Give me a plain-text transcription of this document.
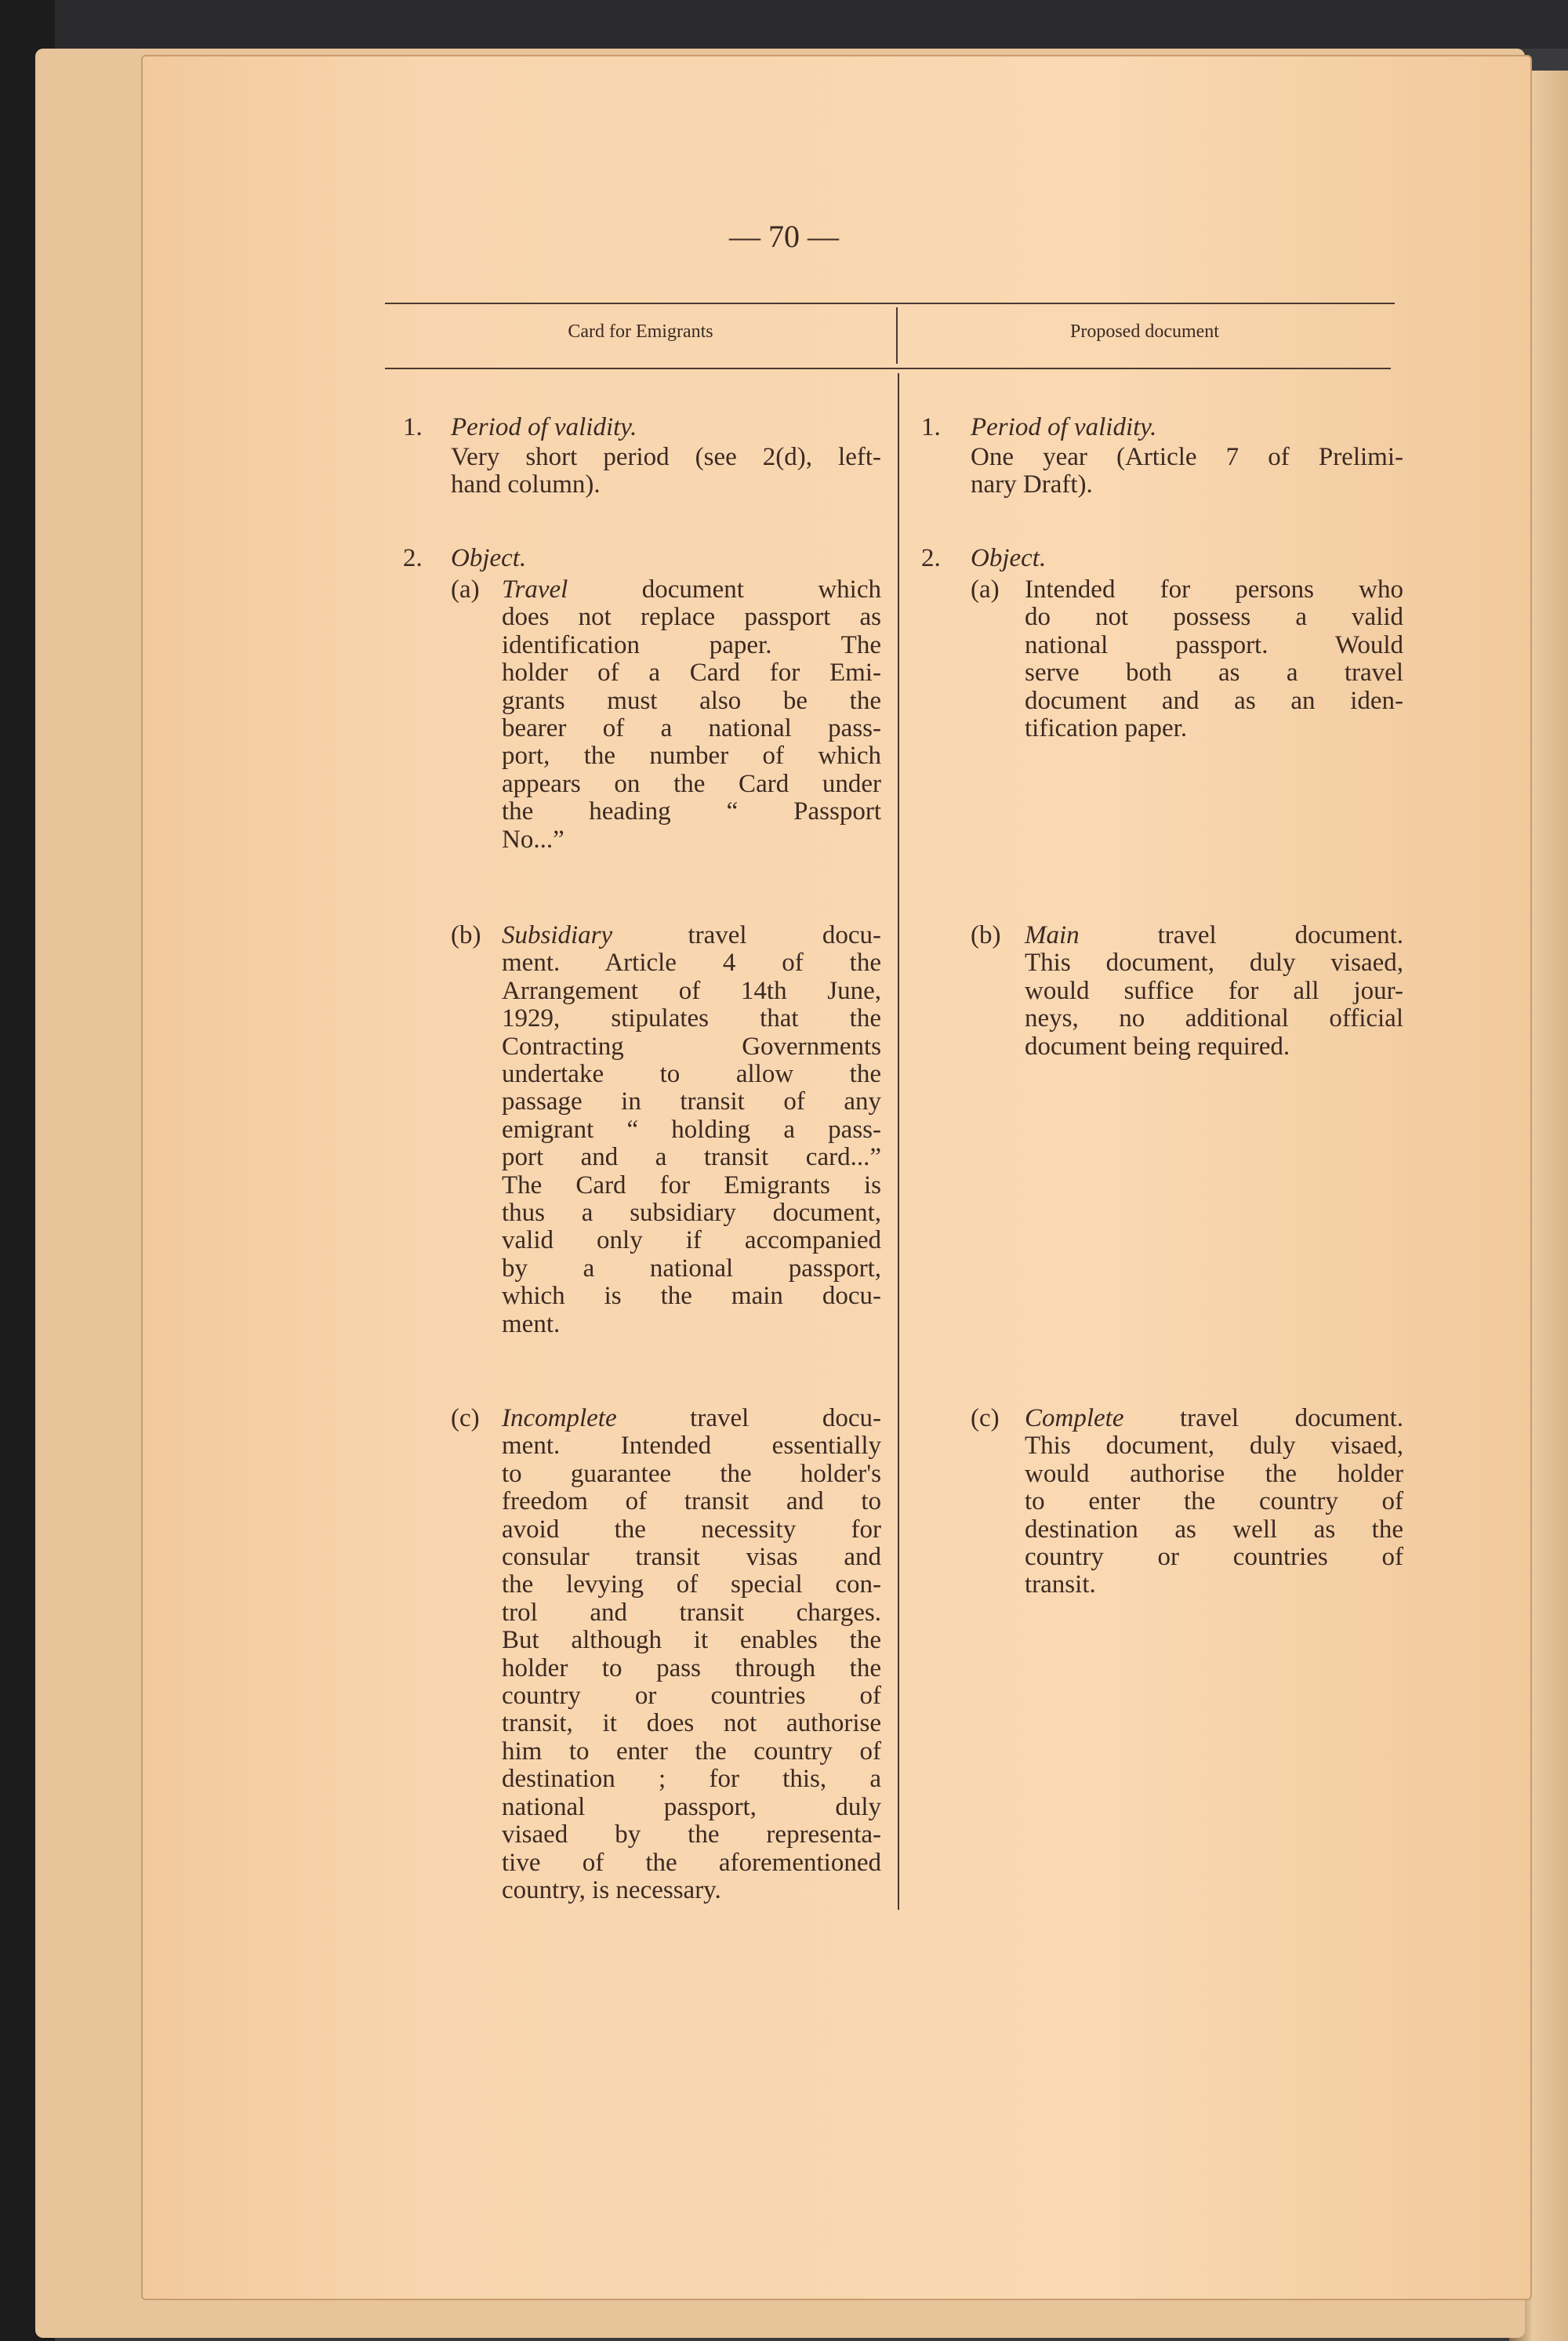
— 70 —
Card for Emigrants	Proposed document
1. Period of validity.
Very short period (see 2(d), left-
hand column).
1. Period of validity.
One year (Article 7 of Prelimi-
nary Draft).
2. Object.	2. Object.
(a) Travel document which
does not replace passport as
identification paper. The
holder of a Card for Emi-
grants must also be the
bearer of a national pass-
port, the number of which
appears on the Card under
the heading “ Passport
No...”
(a) Intended for persons who
do not possess a valid
national passport. Would
serve both as a travel
document and as an iden-
tification paper.
(b) Subsidiary travel docu-
ment. Article 4 of the
Arrangement of 14th June,
1929, stipulates that the
Contracting Governments
undertake to allow the
passage in transit of any
emigrant “ holding a pass-
port and a transit card...”
The Card for Emigrants is
thus a subsidiary document,
valid only if accompanied
by a national passport,
which is the main docu-
ment.
(b) Main travel document.
This document, duly visaed,
would suffice for all jour-
neys, no additional official
document being required.
(c) Incomplete travel docu-
ment. Intended essentially
to guarantee the holder's
freedom of transit and to
avoid the necessity for
consular transit visas and
the levying of special con-
trol and transit charges.
But although it enables the
holder to pass through the
country or countries of
transit, it does not authorise
him to enter the country of
destination ; for this, a
national passport, duly
visaed by the representa-
tive of the aforementioned
country, is necessary.
(c) Complete travel document.
This document, duly visaed,
would authorise the holder
to enter the country of
destination as well as the
country or countries of
transit.
